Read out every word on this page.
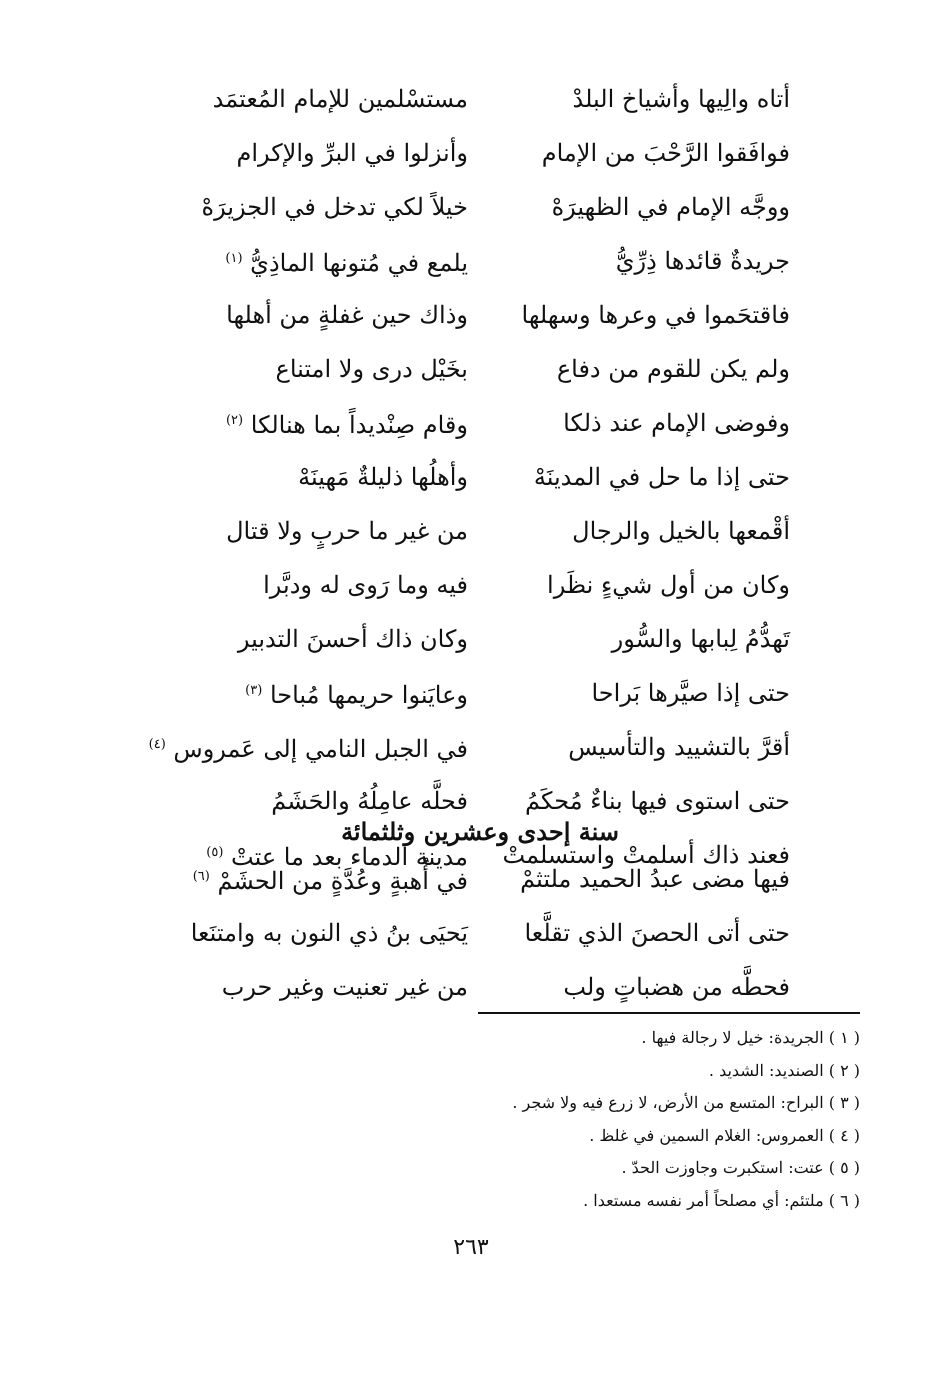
أتاه والِيها وأشياخ البلدْ
مستسْلمين للإمام المُعتمَد
فوافَقوا الرَّحْبَ من الإمام
وأنزلوا في البرِّ والإكرام
ووجَّه الإمام في الظهيرَهْ
خيلاً لكي تدخل في الجزيرَهْ
جريدةٌ قائدها ذِرِّيُّ
يلمع في مُتونها الماذِيُّ $^{(١)}$
فاقتحَموا في وعرها وسهلها
وذاك حين غفلةٍ من أهلها
ولم يكن للقوم من دفاع
بخَيْل درى ولا امتناع
وفوضى الإمام عند ذلكا
وقام صِنْديداً بما هنالكا $^{(٢)}$
حتى إذا ما حل في المدينَهْ
وأهلُها ذليلةٌ مَهينَهْ
أقْمعها بالخيل والرجال
من غير ما حربٍ ولا قتال
وكان من أول شيءٍ نظَرا
فيه وما رَوى له ودبَّرا
تَهدُّمُ لِبابها والسُّور
وكان ذاك أحسنَ التدبير
حتى إذا صيَّرها بَراحا
وعايَنوا حريمها مُباحا $^{(٣)}$
أقرَّ بالتشييد والتأسيس
في الجبل النامي إلى عَمروس $^{(٤)}$
حتى استوى فيها بناءٌ مُحكَمُ
فحلَّه عامِلُهُ والحَشَمُ
فعند ذاك أسلمتْ واستسلمتْ
مدينة الدماء بعد ما عتتْ $^{(٥)}$
سنة إحدى وعشرين وثلثمائة
فيها مضى عبدُ الحميد ملتثمْ
في أُهبةٍ وعُدَّةٍ من الحشَمْ $^{(٦)}$
حتى أتى الحصنَ الذي تقلَّعا
يَحيَى بنُ ذي النون به وامتنَعا
فحطَّه من هضباتٍ ولب
من غير تعنيت وغير حرب
( ١ ) الجريدة: خيل لا رجالة فيها .
( ٢ ) الصنديد: الشديد .
( ٣ ) البراح: المتسع من الأرض، لا زرع فيه ولا شجر .
( ٤ ) العمروس: الغلام السمين في غلظ .
( ٥ ) عتت: استكبرت وجاوزت الحدّ .
( ٦ ) ملتئم: أي مصلحاً أمر نفسه مستعدا .
٢٦٣
